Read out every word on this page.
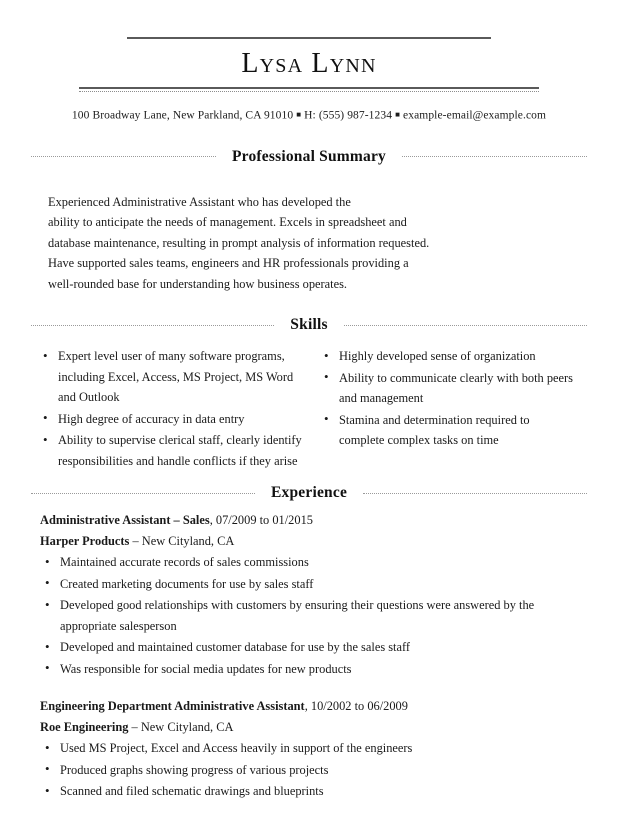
Lysa Lynn
100 Broadway Lane, New Parkland, CA 91010 ■ H: (555) 987-1234 ■ example-email@example.com
Professional Summary

Experienced Administrative Assistant who has developed the

ability to anticipate the needs of management. Excels in spreadsheet and

database maintenance, resulting in prompt analysis of information requested.

Have supported sales teams, engineers and HR professionals providing a

well-rounded base for understanding how business operates.

Skills
• Expert level user of many software programs, including Excel, Access, MS Project, MS Word and Outlook
• High degree of accuracy in data entry
• Ability to supervise clerical staff, clearly identify responsibilities and handle conflicts if they arise
• Highly developed sense of organization
• Ability to communicate clearly with both peers and management
• Stamina and determination required to complete complex tasks on time
Experience
Administrative Assistant – Sales, 07/2009 to 01/2015
Harper Products – New Cityland, CA
• Maintained accurate records of sales commissions
• Created marketing documents for use by sales staff
• Developed good relationships with customers by ensuring their questions were answered by the appropriate salesperson
• Developed and maintained customer database for use by the sales staff
• Was responsible for social media updates for new products
Engineering Department Administrative Assistant, 10/2002 to 06/2009
Roe Engineering – New Cityland, CA
• Used MS Project, Excel and Access heavily in support of the engineers
• Produced graphs showing progress of various projects
• Scanned and filed schematic drawings and blueprints
